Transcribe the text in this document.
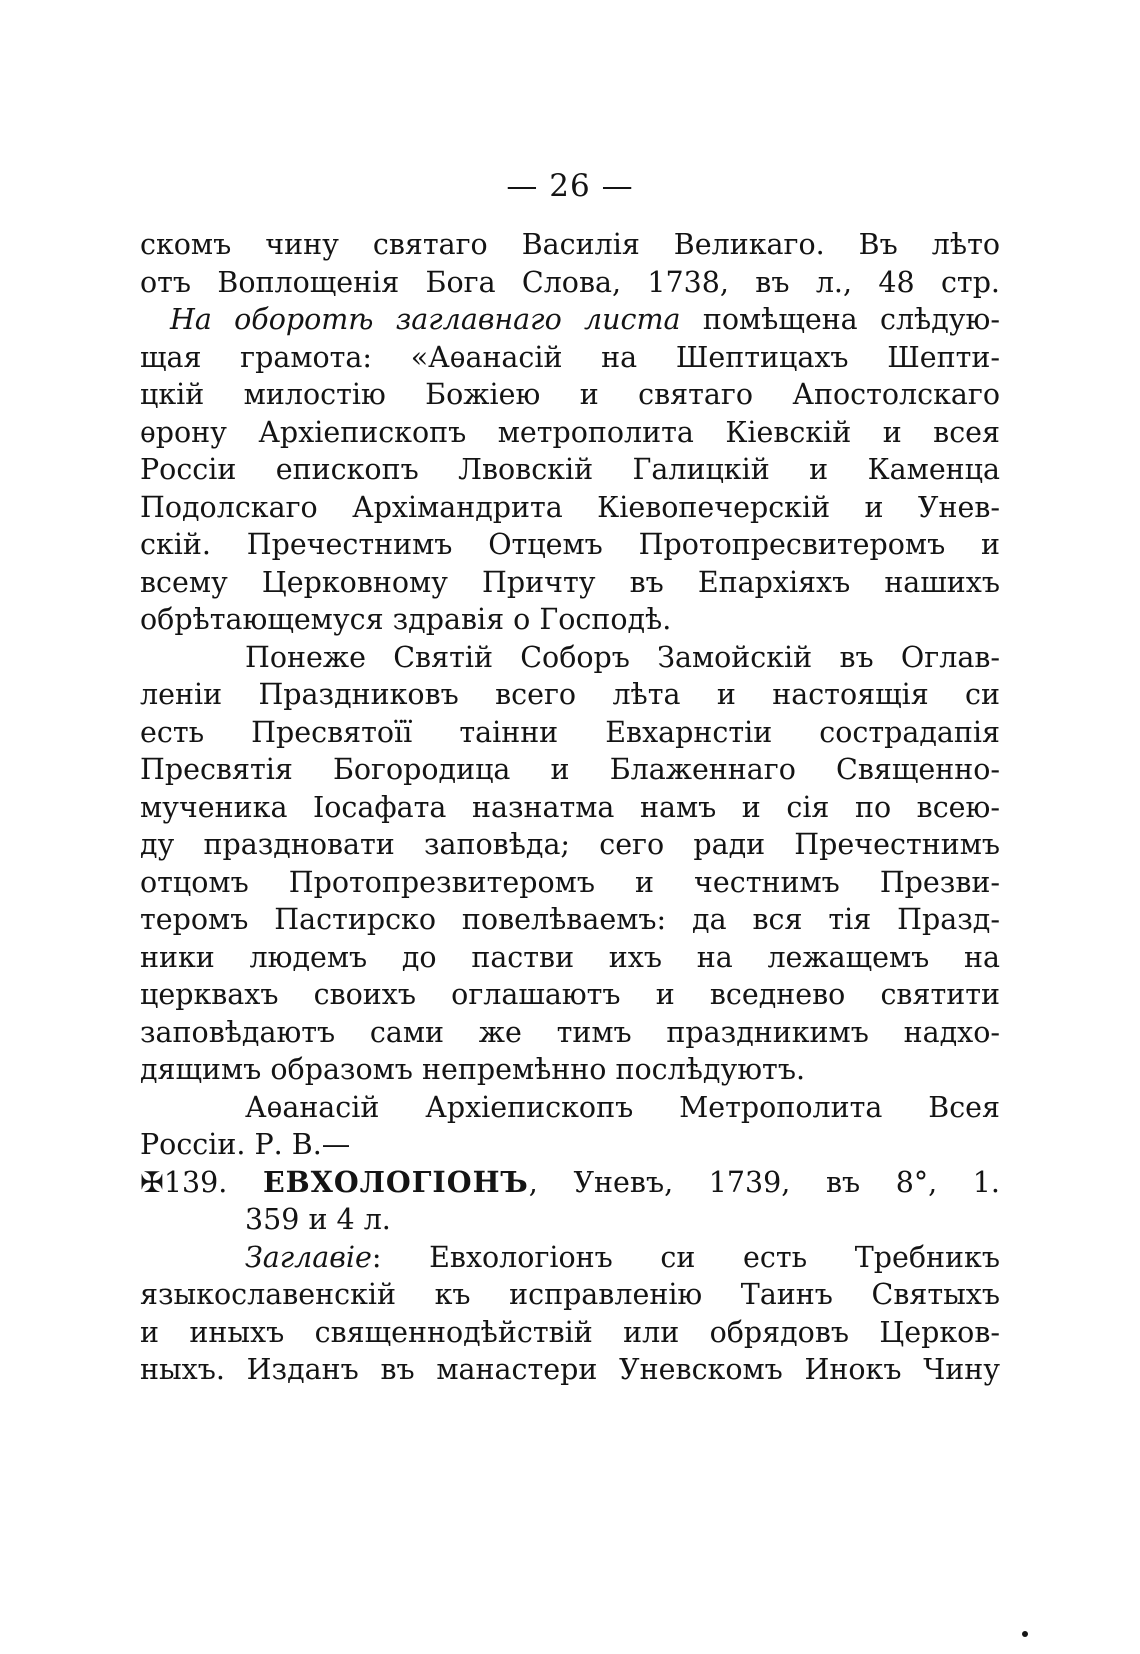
— 26 —
скомъ чину святаго Василія Великаго. Въ лѣто
отъ Воплощенія Бога Слова, 1738, въ л., 48 стр.
На оборотѣ заглавнаго листа помѣщена слѣдую-
щая грамота: «Аѳанасій на Шептицахъ Шепти-
цкій милостію Божіею и святаго Апостолскаго
ѳрону Архіепископъ метрополита Кіевскій и всея
Россіи епископъ Лвовскій Галицкій и Каменца
Подолскаго Архімандрита Кіевопечерскій и Унев-
скій. Пречестнимъ Отцемъ Протопресвитеромъ и
всему Церковному Причту въ Епархіяхъ нашихъ
обрѣтающемуся здравія о Господѣ.
Понеже Святій Соборъ Замойскій въ Оглав-
леніи Праздниковъ всего лѣта и настоящія си
есть Пресвятоїї таінни Евхарнстіи сострадапія
Пресвятія Богородица и Блаженнаго Священно-
мученика Іосафата назнатма намъ и сія по всею-
ду праздновати заповѣда; сего ради Пречестнимъ
отцомъ Протопрезвитеромъ и честнимъ Презви-
теромъ Пастирско повелѣваемъ: да вся тія Празд-
ники людемъ до пастви ихъ на лежащемъ на
церквахъ своихъ оглашаютъ и вседнево святити
заповѣдаютъ сами же тимъ праздникимъ надхо-
дящимъ образомъ непремѣнно послѣдуютъ.
Аѳанасій Архіепископъ Метрополита Всея
Россіи. Р. В.—
✠139. ЕВХОЛОГІОНЪ, Уневъ, 1739, въ 8°, 1.
359 и 4 л.
Заглавіе: Евхологіонъ си есть Требникъ
языкославенскій къ исправленію Таинъ Святыхъ
и иныхъ священнодѣйствій или обрядовъ Церков-
ныхъ. Изданъ въ манастери Уневскомъ Инокъ Чину
